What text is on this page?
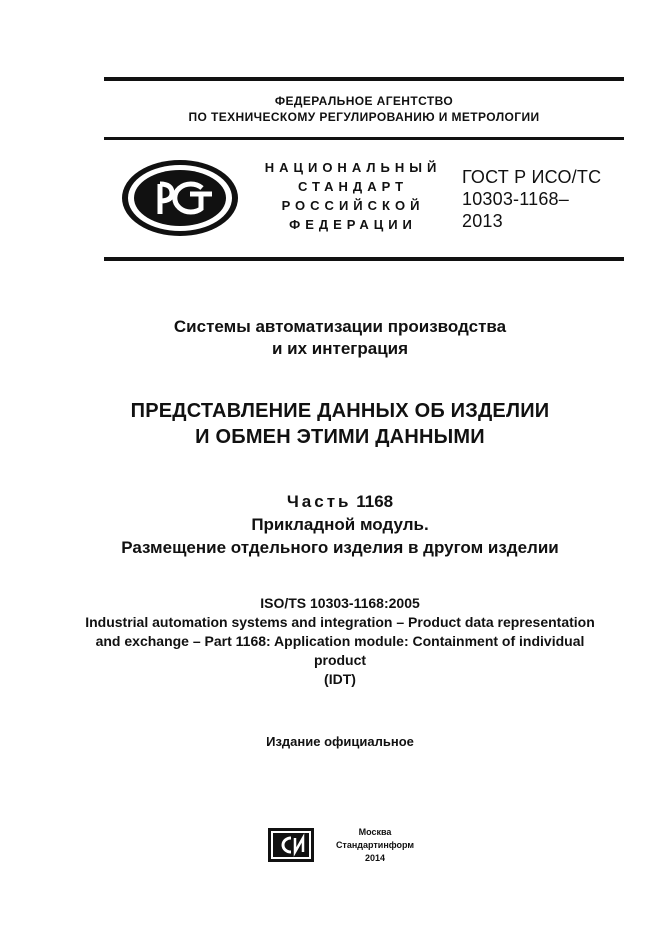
ФЕДЕРАЛЬНОЕ АГЕНТСТВО
ПО ТЕХНИЧЕСКОМУ РЕГУЛИРОВАНИЮ И МЕТРОЛОГИИ
НАЦИОНАЛЬНЫЙ
СТАНДАРТ
РОССИЙСКОЙ
ФЕДЕРАЦИИ
ГОСТ Р ИСО/ТС
10303-1168–
2013
Системы автоматизации производства
и их интеграция
ПРЕДСТАВЛЕНИЕ ДАННЫХ ОБ ИЗДЕЛИИ
И ОБМЕН ЭТИМИ ДАННЫМИ
Часть 1168
Прикладной модуль.
Размещение отдельного изделия в другом изделии
ISO/TS 10303-1168:2005
Industrial automation systems and integration – Product data representation
and exchange – Part 1168: Application module: Containment of individual
product
(IDT)
Издание официальное
Москва
Стандартинформ
2014
